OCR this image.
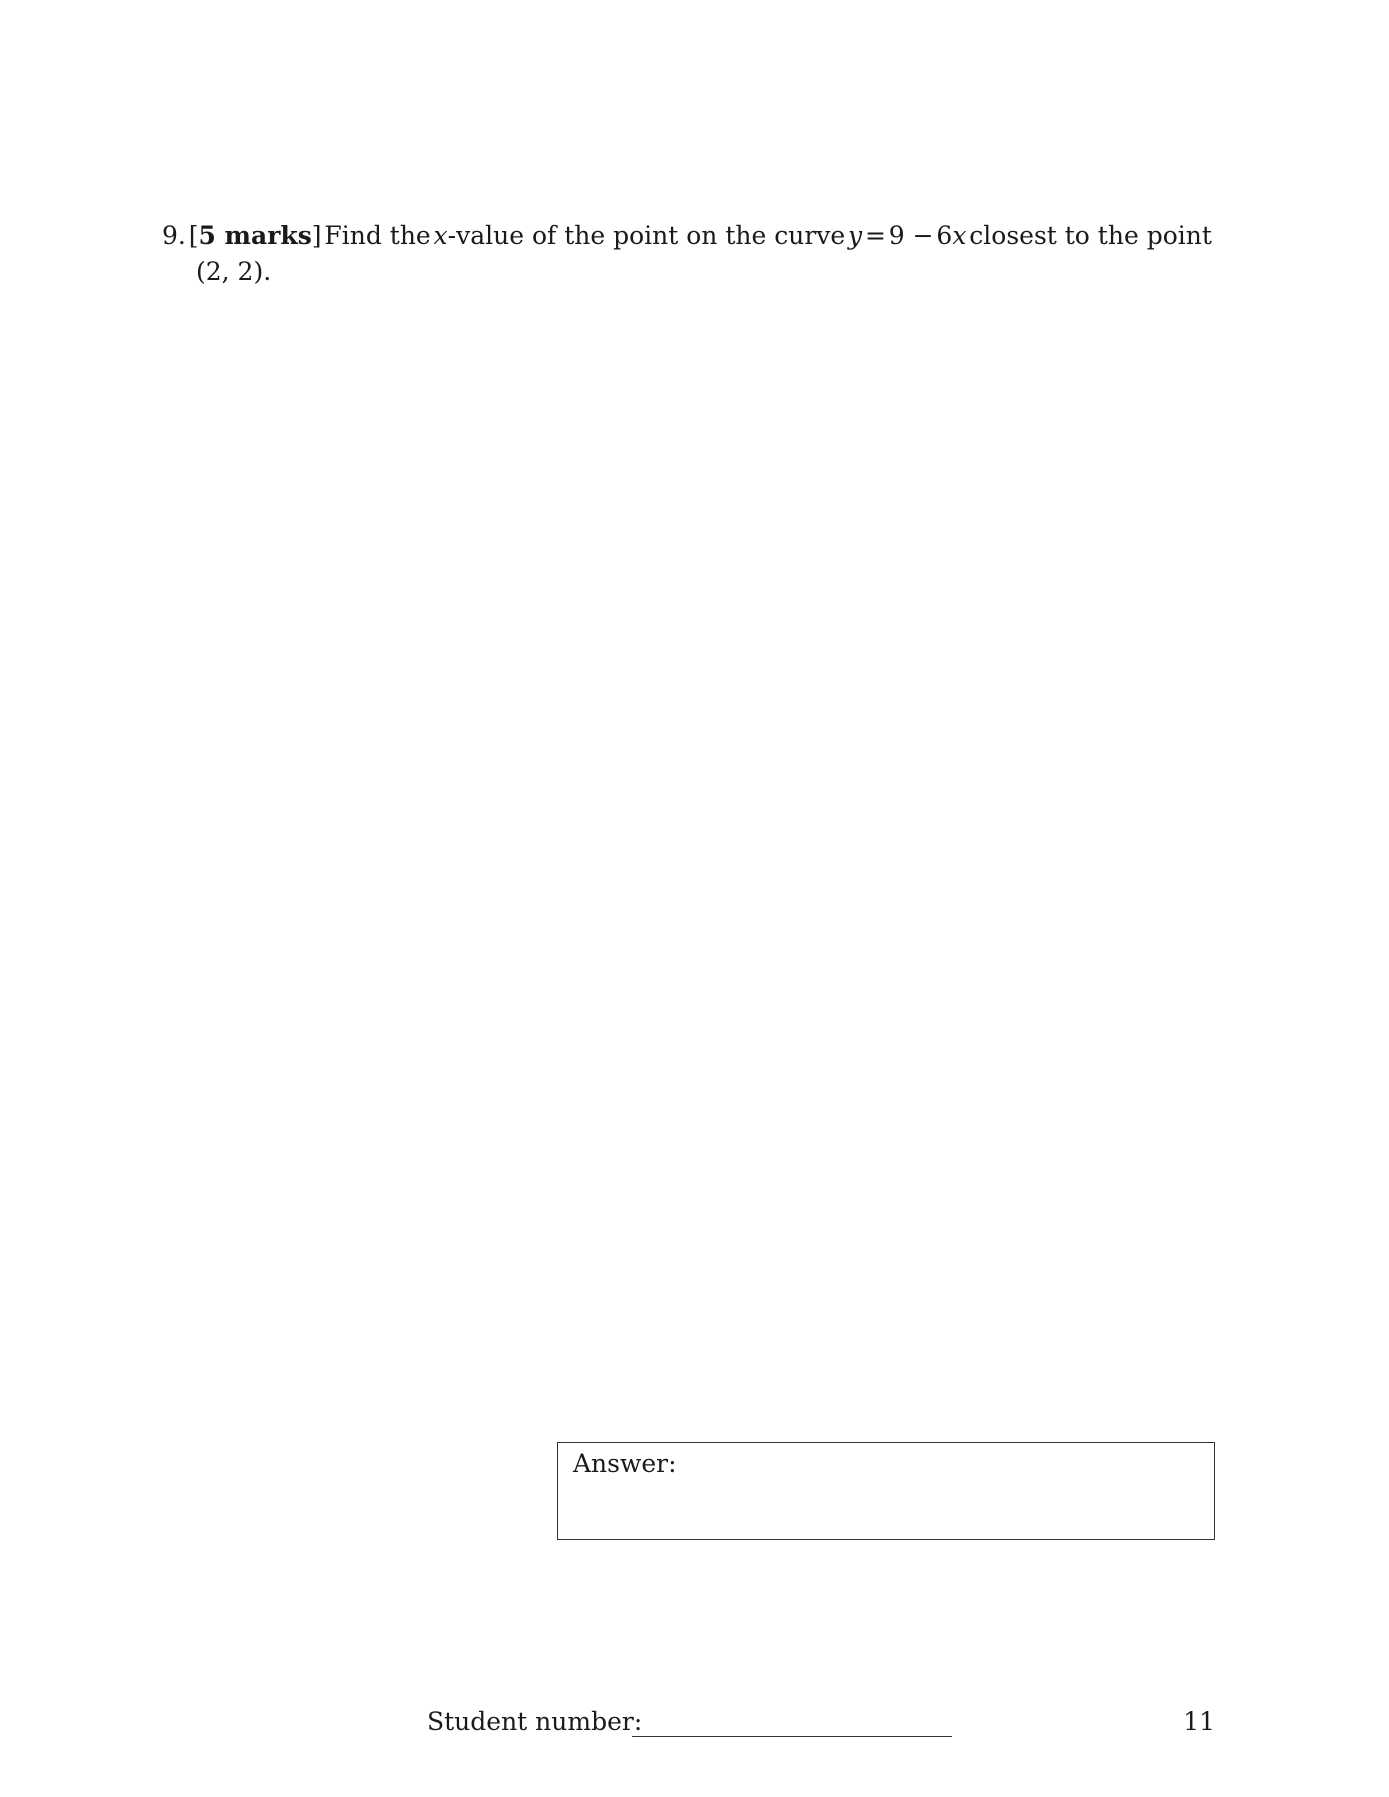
9. [5 marks] Find the x-value of the point on the curve y = 9 − 6x closest to the point
(2, 2).
Answer:
Student number:	11
